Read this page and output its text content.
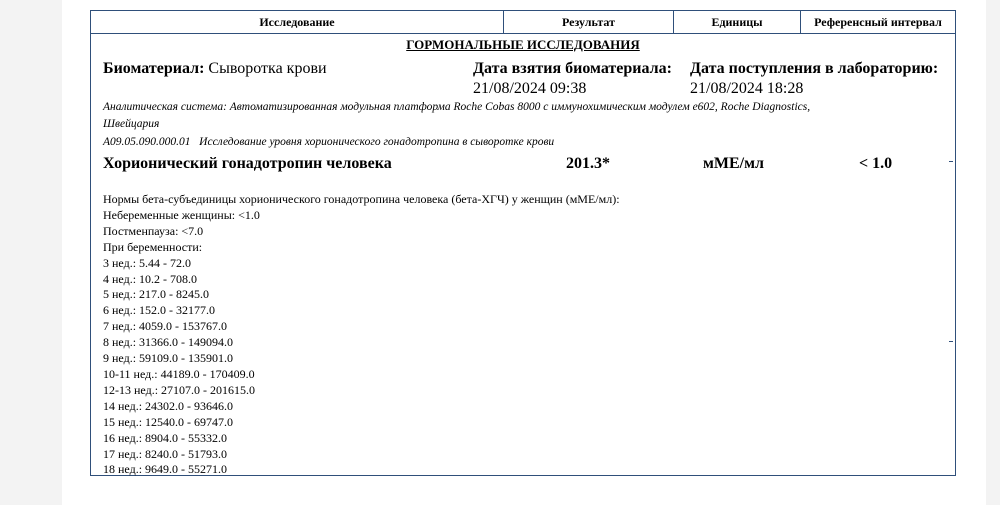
Исследование	Результат	Единицы	Референсный интервал
ГОРМОНАЛЬНЫЕ ИССЛЕДОВАНИЯ
Биоматериал: Сыворотка крови	Дата взятия биоматериала:
21/08/2024 09:38
Дата поступления в лабораторию:
21/08/2024 18:28
Аналитическая система: Автоматизированная модульная платформа Roche Cobas 8000 с иммунохимическим модулем e602, Roche Diagnostics,
Швейцария
A09.05.090.000.01 Исследование уровня хорионического гонадотропина в сыворотке крови
Хорионический гонадотропин человека	201.3*	мМЕ/мл	< 1.0
Нормы бета-субъединицы хорионического гонадотропина человека (бета-ХГЧ) у женщин (мМЕ/мл):
Небеременные женщины: <1.0
Постменпауза: <7.0
При беременности:
3 нед.: 5.44 - 72.0
4 нед.: 10.2 - 708.0
5 нед.: 217.0 - 8245.0
6 нед.: 152.0 - 32177.0
7 нед.: 4059.0 - 153767.0
8 нед.: 31366.0 - 149094.0
9 нед.: 59109.0 - 135901.0
10-11 нед.: 44189.0 - 170409.0
12-13 нед.: 27107.0 - 201615.0
14 нед.: 24302.0 - 93646.0
15 нед.: 12540.0 - 69747.0
16 нед.: 8904.0 - 55332.0
17 нед.: 8240.0 - 51793.0
18 нед.: 9649.0 - 55271.0
